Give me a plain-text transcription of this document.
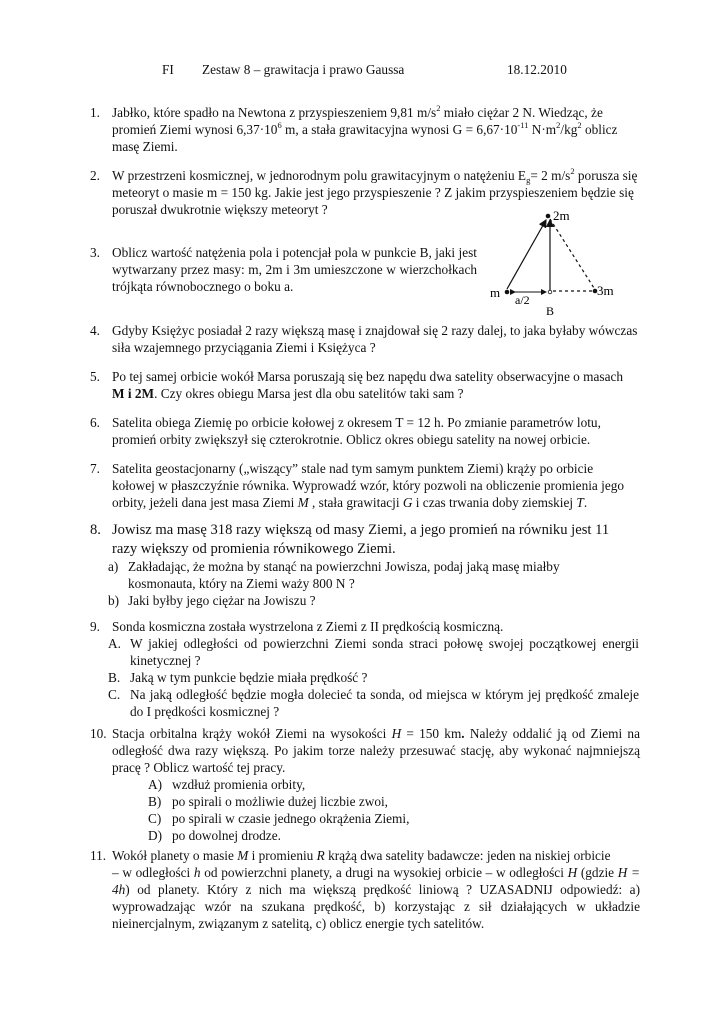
FI Zestaw 8 – grawitacja i prawo Gaussa	18.12.2010
1. Jabłko, które spadło na Newtona z przyspieszeniem 9,81 $m/s^2$ miało ciężar 2 N. Wiedząc, że promień Ziemi wynosi $6,37\cdot 10^6$ m, a stała grawitacyjna wynosi $G = 6,67\cdot 10^{-11}$ $N\cdot m^2/kg^2$ oblicz masę Ziemi.
2. W przestrzeni kosmicznej, w jednorodnym polu grawitacyjnym o natężeniu $E_g= 2$ $m/s^2$ porusza się meteoryt o masie m = 150 kg. Jakie jest jego przyspieszenie ? Z jakim przyspieszeniem będzie się poruszał dwukrotnie większy meteoryt ?
3. Oblicz wartość natężenia pola i potencjał pola w punkcie B, jaki jest wytwarzany przez masy: m, 2m i 3m umieszczone w wierzchołkach trójkąta równobocznego o boku a.
2m
m	3m
a/2
B
4. Gdyby Księżyc posiadał 2 razy większą masę i znajdował się 2 razy dalej, to jaka byłaby wówczas siła wzajemnego przyciągania Ziemi i Księżyca ?
5. Po tej samej orbicie wokół Marsa poruszają się bez napędu dwa satelity obserwacyjne o masach M i 2M. Czy okres obiegu Marsa jest dla obu satelitów taki sam ?
6. Satelita obiega Ziemię po orbicie kołowej z okresem T = 12 h. Po zmianie parametrów lotu, promień orbity zwiększył się czterokrotnie. Oblicz okres obiegu satelity na nowej orbicie.
7. Satelita geostacjonarny („wiszący” stale nad tym samym punktem Ziemi) krąży po orbicie kołowej w płaszczyźnie równika. Wyprowadź wzór, który pozwoli na obliczenie promienia jego orbity, jeżeli dana jest masa Ziemi M , stała grawitacji G i czas trwania doby ziemskiej T.
8. Jowisz ma masę 318 razy większą od masy Ziemi, a jego promień na równiku jest 11 razy większy od promienia równikowego Ziemi.
a) Zakładając, że można by stanąć na powierzchni Jowisza, podaj jaką masę miałby kosmonauta, który na Ziemi waży 800 N ?
b) Jaki byłby jego ciężar na Jowiszu ?
9. Sonda kosmiczna została wystrzelona z Ziemi z II prędkością kosmiczną.
A. W jakiej odległości od powierzchni Ziemi sonda straci połowę swojej początkowej energii kinetycznej ?
B. Jaką w tym punkcie będzie miała prędkość ?
C. Na jaką odległość będzie mogła dolecieć ta sonda, od miejsca w którym jej prędkość zmaleje do I prędkości kosmicznej ?
10. Stacja orbitalna krąży wokół Ziemi na wysokości H = 150 km. Należy oddalić ją od Ziemi na odległość dwa razy większą. Po jakim torze należy przesuwać stację, aby wykonać najmniejszą pracę ? Oblicz wartość tej pracy.
A) wzdłuż promienia orbity,
B) po spirali o możliwie dużej liczbie zwoi,
C) po spirali w czasie jednego okrążenia Ziemi,
D) po dowolnej drodze.
11. Wokół planety o masie M i promieniu R krążą dwa satelity badawcze: jeden na niskiej orbicie
– w odległości h od powierzchni planety, a drugi na wysokiej orbicie – w odległości H (gdzie H = 4h) od planety. Który z nich ma większą prędkość liniową ? UZASADNIJ odpowiedź: a) wyprowadzając wzór na szukana prędkość, b) korzystając z sił działających w układzie nieinercjalnym, związanym z satelitą, c) oblicz energie tych satelitów.
